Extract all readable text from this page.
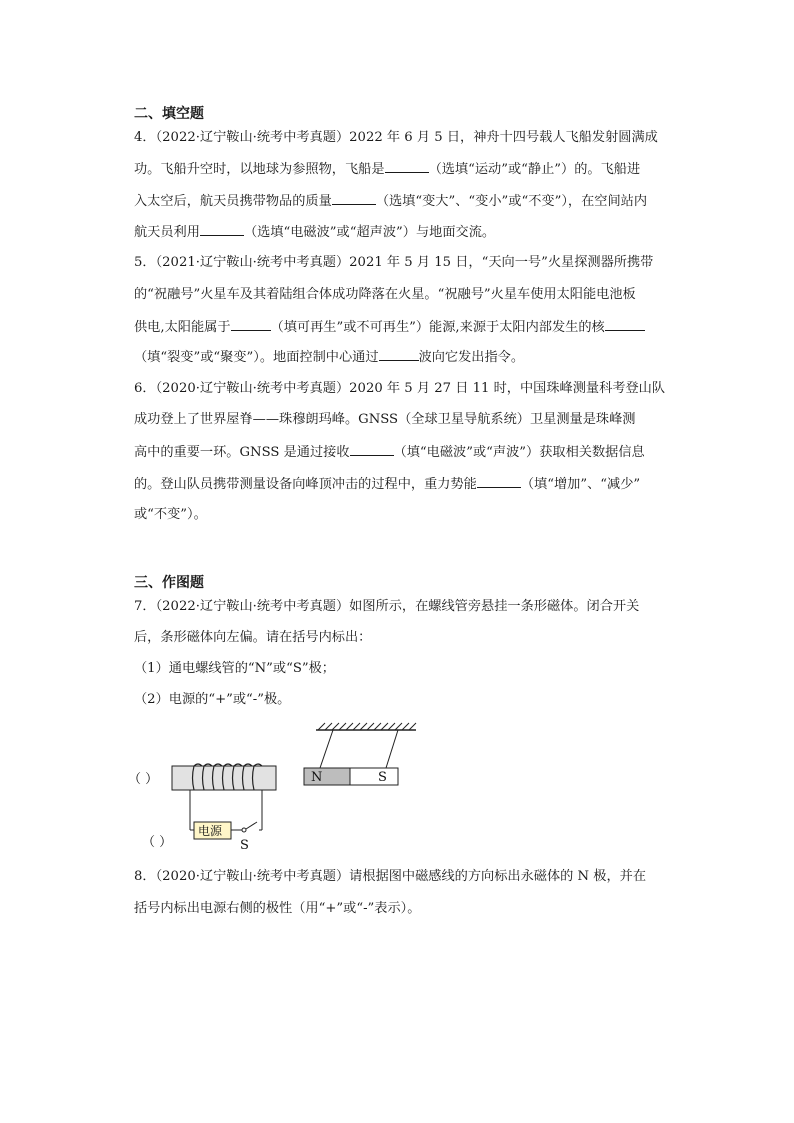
二、填空题
4．（2022·辽宁鞍山·统考中考真题）2022 年 6 月 5 日，神舟十四号载人飞船发射圆满成
功。飞船升空时，以地球为参照物，飞船是	（选填“运动”或“静止”）的。飞船进
入太空后，航天员携带物品的质量	（选填“变大”、“变小”或“不变”），在空间站内
航天员利用	（选填“电磁波”或“超声波”）与地面交流。
5．（2021·辽宁鞍山·统考中考真题）2021 年 5 月 15 日，“天向一号”火星探测器所携带
的“祝融号”火星车及其着陆组合体成功降落在火星。“祝融号”火星车使用太阳能电池板
供电,太阳能属于	（填可再生”或不可再生”）能源,来源于太阳内部发生的核
（填“裂变”或“聚变”）。地面控制中心通过	波向它发出指令。
6．（2020·辽宁鞍山·统考中考真题）2020 年 5 月 27 日 11 时，中国珠峰测量科考登山队
成功登上了世界屋脊——珠穆朗玛峰。GNSS（全球卫星导航系统）卫星测量是珠峰测
高中的重要一环。GNSS 是通过接收	（填“电磁波”或“声波”）获取相关数据信息
的。登山队员携带测量设备向峰顶冲击的过程中，重力势能	（填“增加”、“减少”
或“不变”）。
三、作图题
7．（2022·辽宁鞍山·统考中考真题）如图所示，在螺线管旁悬挂一条形磁体。闭合开关
后，条形磁体向左偏。请在括号内标出：
（1）通电螺线管的“N”或“S”极；
（2）电源的“+”或“-”极。
N	S
电源
S
（ ）
（ ）
8．（2020·辽宁鞍山·统考中考真题）请根据图中磁感线的方向标出永磁体的 N 极，并在
括号内标出电源右侧的极性（用“+”或“-”表示）。
